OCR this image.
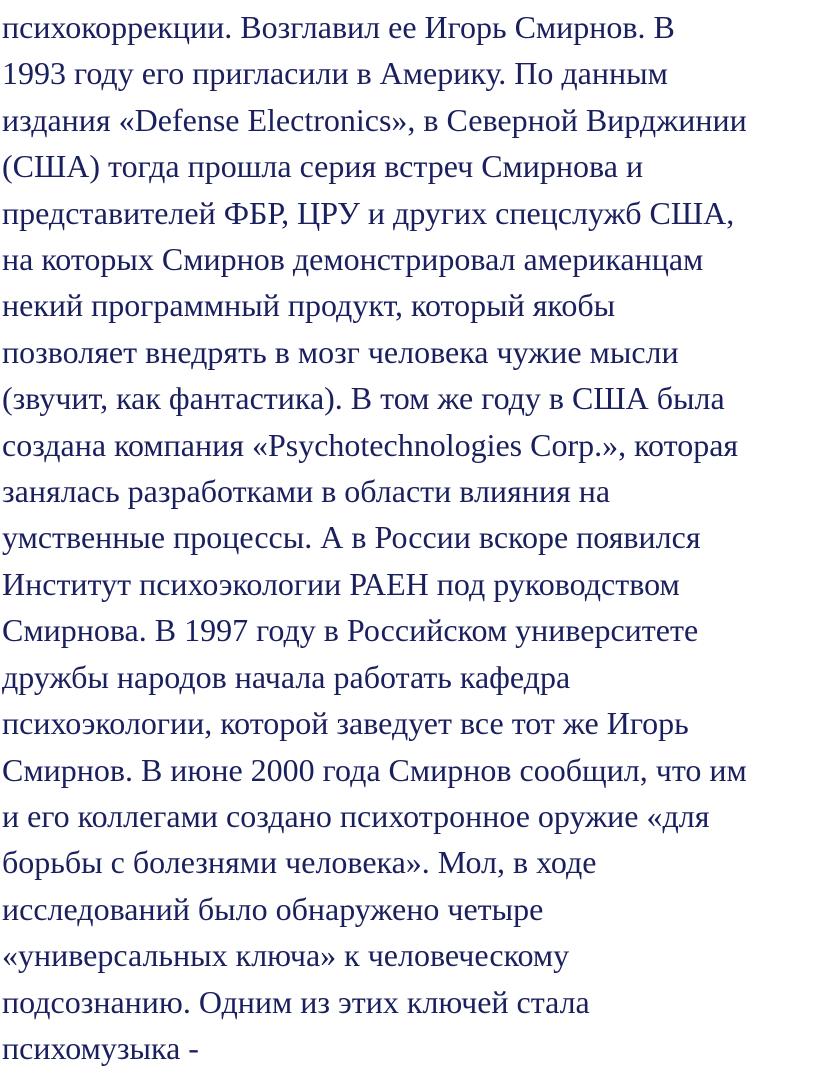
психокоррекции. Возглавил ее Игорь Смирнов. В
1993 году его пригласили в Америку. По данным
издания «Defense Electronics», в Северной Вирджинии
(США) тогда прошла серия встреч Смирнова и
представителей ФБР, ЦРУ и других спецслужб США,
на которых Смирнов демонстрировал американцам
некий программный продукт, который якобы
позволяет внедрять в мозг человека чужие мысли
(звучит, как фантастика). В том же году в США была
создана компания «Psychotechnologies Corp.», которая
занялась разработками в области влияния на
умственные процессы. А в России вскоре появился
Институт психоэкологии РАЕН под руководством
Смирнова. В 1997 году в Российском университете
дружбы народов начала работать кафедра
психоэкологии, которой заведует все тот же Игорь
Смирнов. В июне 2000 года Смирнов сообщил, что им
и его коллегами создано психотронное оружие «для
борьбы с болезнями человека». Мол, в ходе
исследований было обнаружено четыре
«универсальных ключа» к человеческому
подсознанию. Одним из этих ключей стала
психомузыка -
